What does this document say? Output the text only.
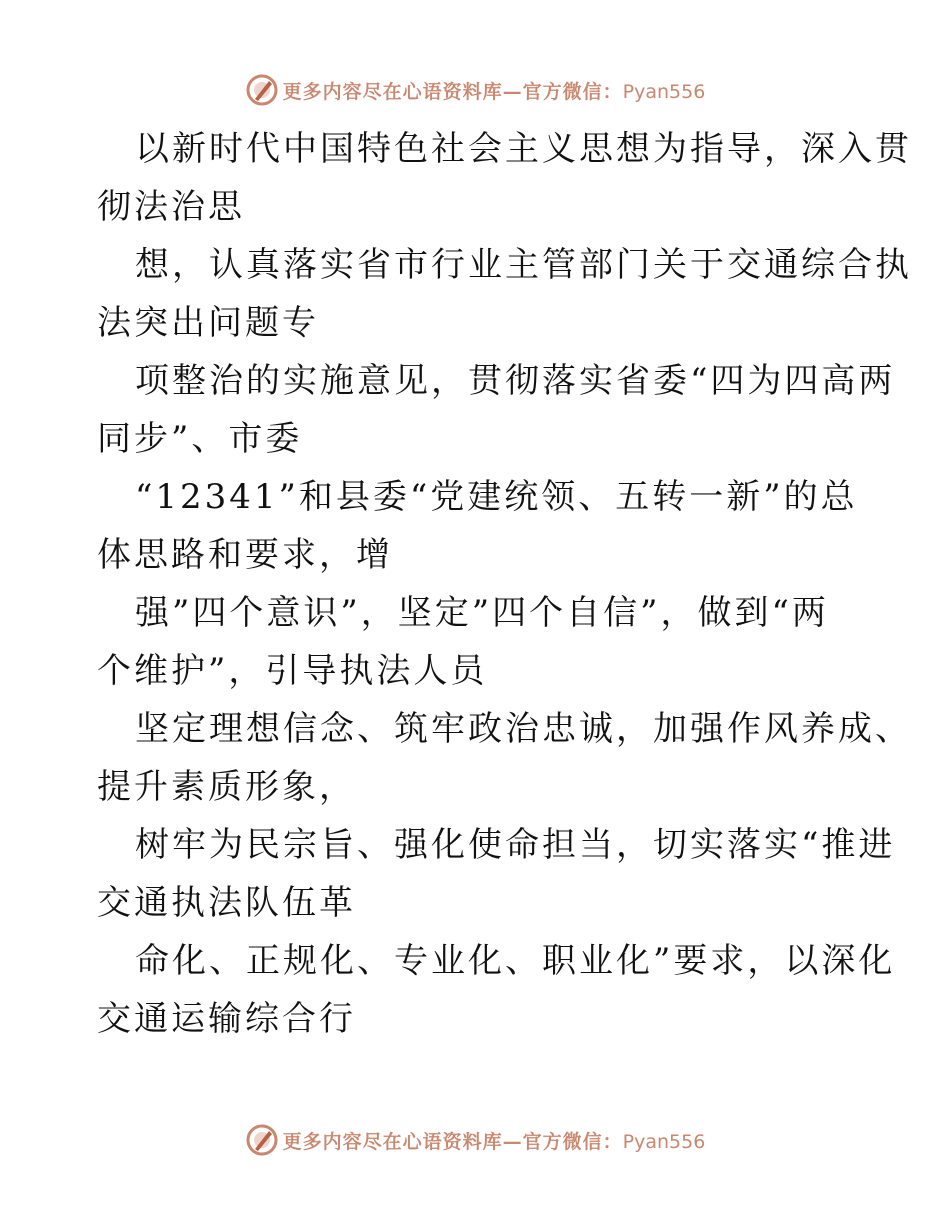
更多内容尽在心语资料库—官方微信：Pyan556
以新时代中国特色社会主义思想为指导，深入贯
彻法治思
想，认真落实省市行业主管部门关于交通综合执
法突出问题专
项整治的实施意见，贯彻落实省委“四为四高两
同步”、市委
“12341”和县委“党建统领、五转一新”的总
体思路和要求，增
强”四个意识”，坚定”四个自信”，做到“两
个维护”，引导执法人员
坚定理想信念、筑牢政治忠诚，加强作风养成、
提升素质形象，
树牢为民宗旨、强化使命担当，切实落实“推进
交通执法队伍革
命化、正规化、专业化、职业化”要求，以深化
交通运输综合行
更多内容尽在心语资料库—官方微信：Pyan556
